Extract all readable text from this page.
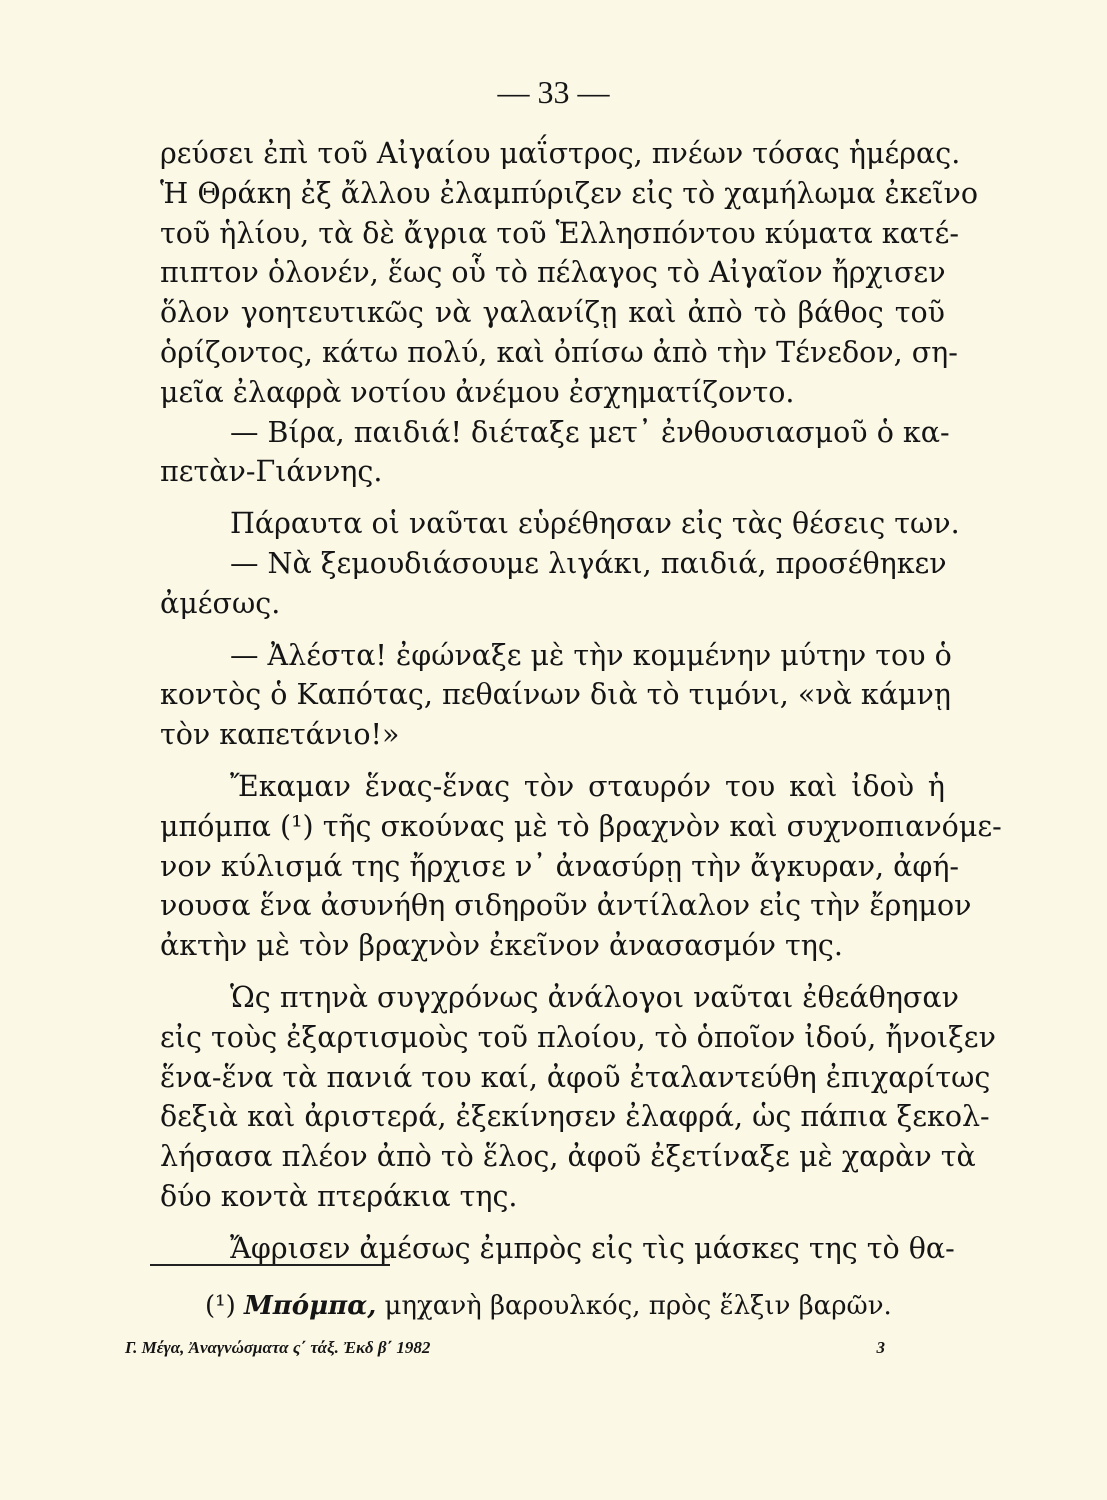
— 33 —
ρεύσει ἐπὶ τοῦ Αἰγαίου μαΐστρος, πνέων τόσας ἡμέρας.
Ἡ Θράκη ἐξ ἄλλου ἐλαμπύριζεν εἰς τὸ χαμήλωμα ἐκεῖνο
τοῦ ἡλίου, τὰ δὲ ἄγρια τοῦ Ἑλλησπόντου κύματα κατέ-
πιπτον ὁλονέν, ἕως οὗ τὸ πέλαγος τὸ Αἰγαῖον ἤρχισεν
ὅλον γοητευτικῶς νὰ γαλανίζῃ καὶ ἀπὸ τὸ βάθος τοῦ
ὁρίζοντος, κάτω πολύ, καὶ ὀπίσω ἀπὸ τὴν Τένεδον, ση-
μεῖα ἐλαφρὰ νοτίου ἀνέμου ἐσχηματίζοντο.
— Βίρα, παιδιά! διέταξε μετ᾽ ἐνθουσιασμοῦ ὁ κα-
πετὰν-Γιάννης.
Πάραυτα οἱ ναῦται εὑρέθησαν εἰς τὰς θέσεις των.
— Νὰ ξεμουδιάσουμε λιγάκι, παιδιά, προσέθηκεν
ἀμέσως.
— Ἀλέστα! ἐφώναξε μὲ τὴν κομμένην μύτην του ὁ
κοντὸς ὁ Καπότας, πεθαίνων διὰ τὸ τιμόνι, «νὰ κάμνῃ
τὸν καπετάνιο!»
Ἔκαμαν ἕνας-ἕνας τὸν σταυρόν του καὶ ἰδοὺ ἡ
μπόμπα (¹) τῆς σκούνας μὲ τὸ βραχνὸν καὶ συχνοπιανόμε-
νον κύλισμά της ἤρχισε ν᾽ ἀνασύρῃ τὴν ἄγκυραν, ἀφή-
νουσα ἕνα ἀσυνήθη σιδηροῦν ἀντίλαλον εἰς τὴν ἔρημον
ἀκτὴν μὲ τὸν βραχνὸν ἐκεῖνον ἀνασασμόν της.
Ὡς πτηνὰ συγχρόνως ἀνάλογοι ναῦται ἐθεάθησαν
εἰς τοὺς ἐξαρτισμοὺς τοῦ πλοίου, τὸ ὁποῖον ἰδού, ἤνοιξεν
ἕνα-ἕνα τὰ πανιά του καί, ἀφοῦ ἐταλαντεύθη ἐπιχαρίτως
δεξιὰ καὶ ἀριστερά, ἐξεκίνησεν ἐλαφρά, ὡς πάπια ξεκολ-
λήσασα πλέον ἀπὸ τὸ ἕλος, ἀφοῦ ἐξετίναξε μὲ χαρὰν τὰ
δύο κοντὰ πτεράκια της.
Ἄφρισεν ἀμέσως ἐμπρὸς εἰς τὶς μάσκες της τὸ θα-
(¹) Μπόμπα, μηχανὴ βαρουλκός, πρὸς ἕλξιν βαρῶν.
Γ. Μέγα, Ἀναγνώσματα ς΄ τάξ. Ἐκδ β΄ 1982	3
